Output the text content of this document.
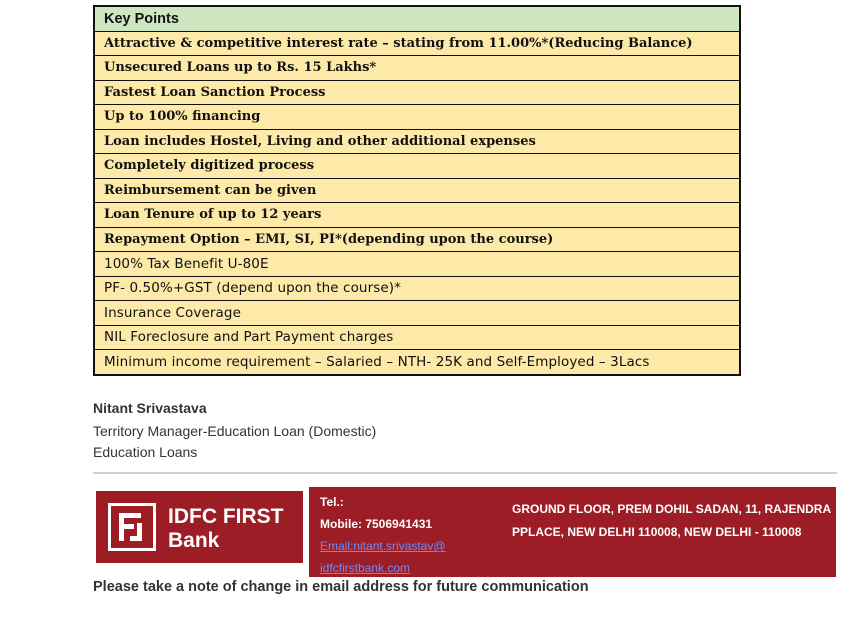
Key Points
Attractive & competitive interest rate – stating from 11.00%*(Reducing Balance)
Unsecured Loans up to Rs. 15 Lakhs*
Fastest Loan Sanction Process
Up to 100% financing
Loan includes Hostel, Living and other additional expenses
Completely digitized process
Reimbursement can be given
Loan Tenure of up to 12 years
Repayment Option – EMI, SI, PI*(depending upon the course)
100% Tax Benefit U-80E
PF- 0.50%+GST (depend upon the course)*
Insurance Coverage
NIL Foreclosure and Part Payment charges
Minimum income requirement – Salaried – NTH- 25K and Self-Employed – 3Lacs
Nitant Srivastava
Territory Manager-Education Loan (Domestic)
Education Loans
IDFC FIRST
Bank
Tel.:
Mobile: 7506941431
Email:nitant.srivastav@
idfcfirstbank.com
GROUND FLOOR, PREM DOHIL SADAN, 11, RAJENDRA PPLACE, NEW DELHI 110008, NEW DELHI - 110008
Please take a note of change in email address for future communication
